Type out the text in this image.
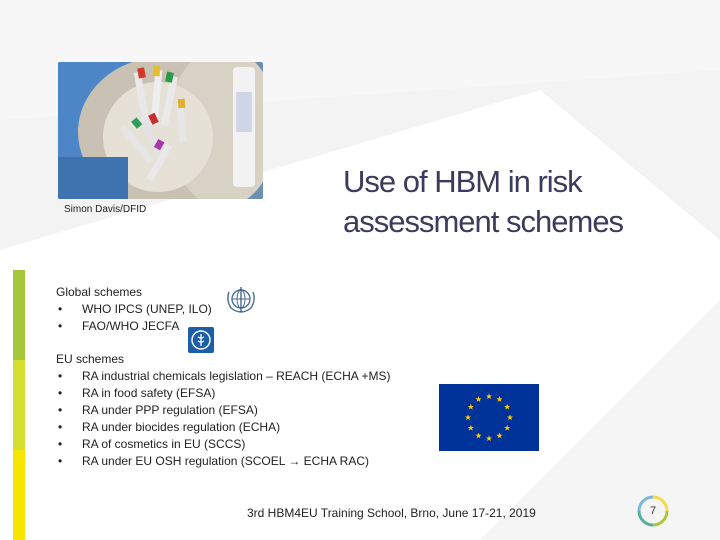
Simon Davis/DFID
Use of HBM in risk
assessment schemes

Global schemes

• WHO IPCS (UNEP, ILO)
• FAO/WHO JECFA

EU schemes

• RA industrial chemicals legislation – REACH (ECHA +MS)
• RA in food safety (EFSA)
• RA under PPP regulation (EFSA)
• RA under biocides regulation (ECHA)
• RA of cosmetics in EU (SCCS)
• RA under EU OSH regulation (SCOEL → ECHA RAC)
3rd HBM4EU Training School, Brno, June 17-21, 2019	7
